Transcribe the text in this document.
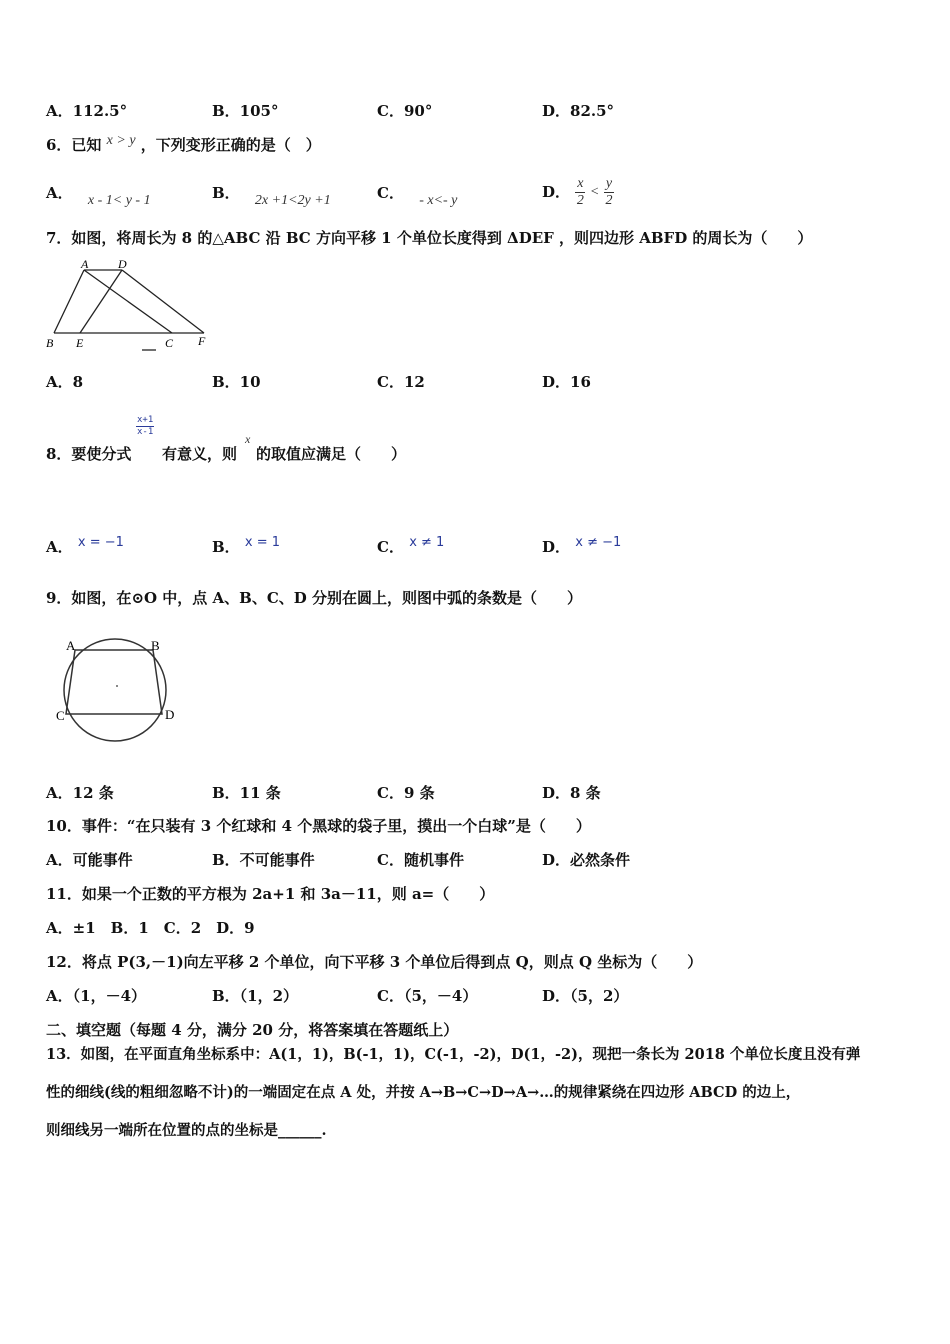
A．112.5°	B．105°	C．90°	D．82.5°
6．已知 x > y ，下列变形正确的是（　）
A． x - 1< y - 1	B． 2x +1<2y +1	C． - x<- y	D． $\frac{x}{2} < \frac{y}{2}$
7．如图，将周长为 8 的△ABC 沿 BC 方向平移 1 个单位长度得到 ΔDEF ，则四边形 ABFD 的周长为（　　）
A D
B E	C F
A．8	B．10	C．12	D．16
$\frac{x+1}{x-1}$
x
8．要使分式 有意义，则 的取值应满足（　　）
A． x = −1	B． x = 1	C． x ≠ 1	D． x ≠ −1
9．如图，在⊙O 中，点 A、B、C、D 分别在圆上，则图中弧的条数是（　　）
A	B
C	D
A．12 条	B．11 条	C．9 条	D．8 条
10．事件：“在只装有 3 个红球和 4 个黑球的袋子里，摸出一个白球”是（　　）
A．可能事件	B．不可能事件	C．随机事件	D．必然条件
11．如果一个正数的平方根为 2a+1 和 3a－11，则 a=（　　）
A．±1　B．1　C．2　D．9
12．将点 P(3,－1)向左平移 2 个单位，向下平移 3 个单位后得到点 Q，则点 Q 坐标为（　　）
A．（1，－4）	B．（1，2）	C．（5，－4）	D．（5，2）
二、填空题（每题 4 分，满分 20 分，将答案填在答题纸上）
13．如图，在平面直角坐标系中：A(1，1)，B(-1，1)，C(-1，-2)，D(1，-2)，现把一条长为 2018 个单位长度且没有弹
性的细线(线的粗细忽略不计)的一端固定在点 A 处，并按 A→B→C→D→A→…的规律紧绕在四边形 ABCD 的边上，
则细线另一端所在位置的点的坐标是______.
